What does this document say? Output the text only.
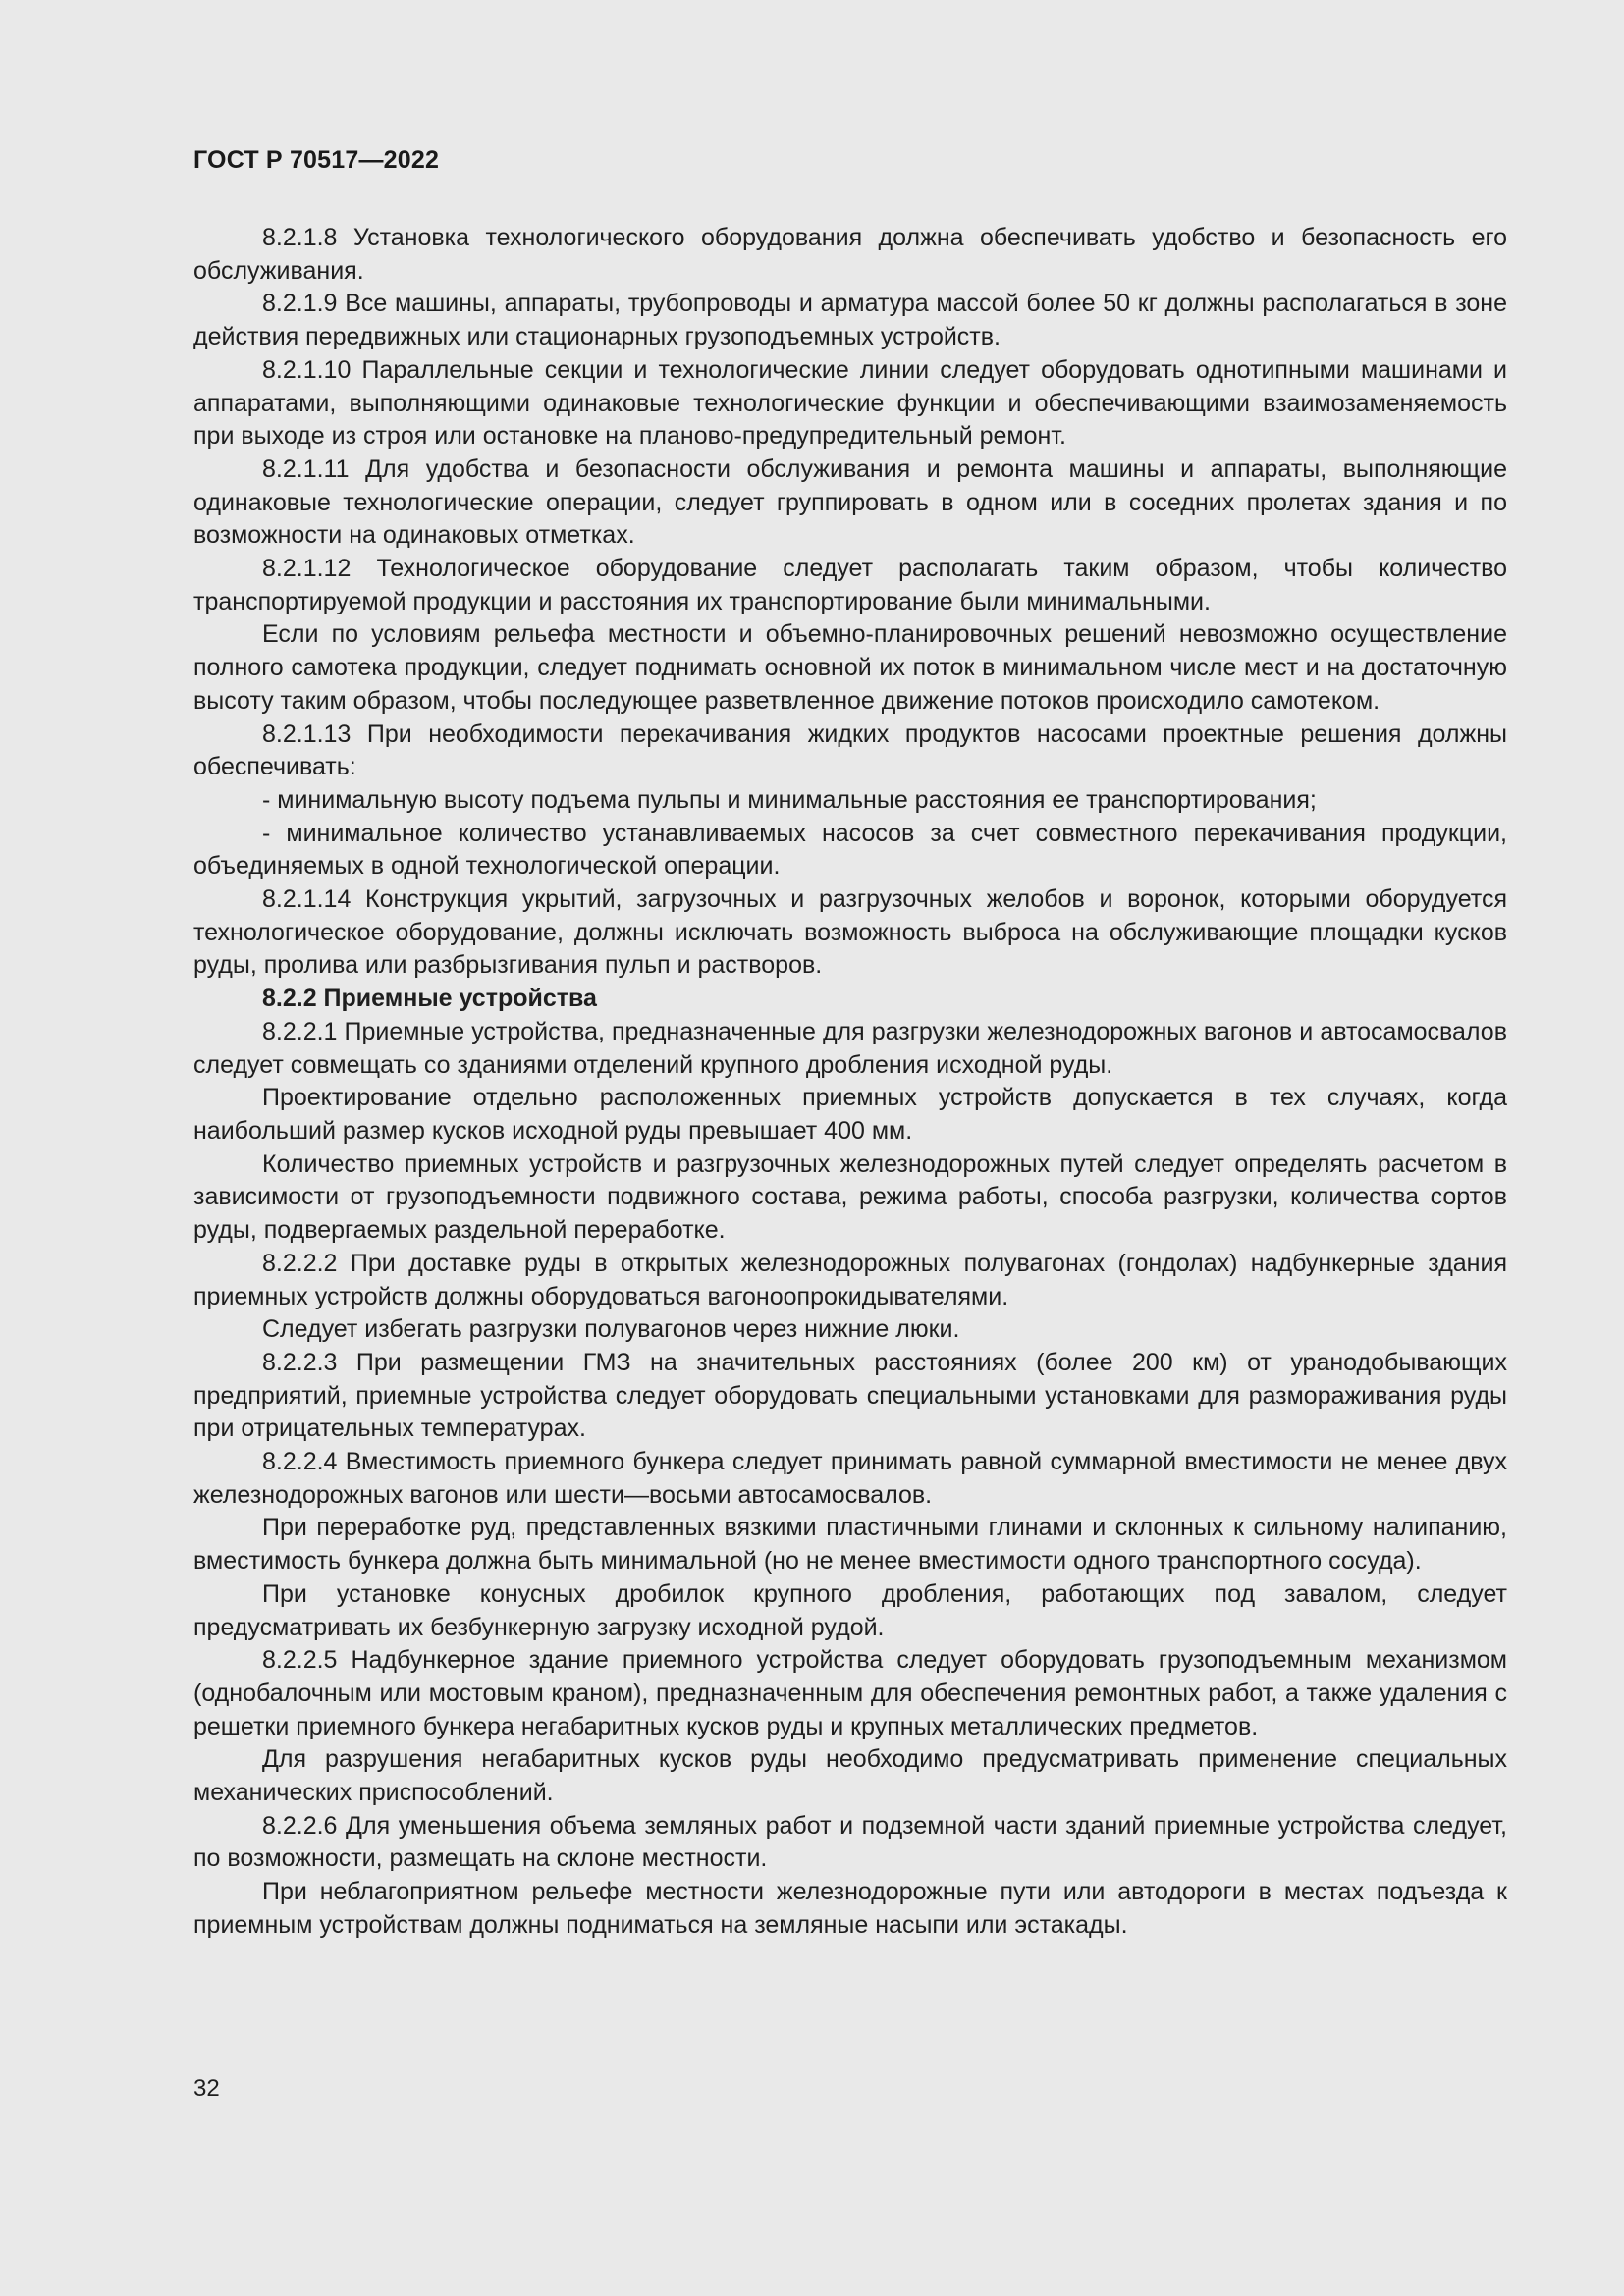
ГОСТ Р 70517—2022

8.2.1.8 Установка технологического оборудования должна обеспечивать удобство и безопасность его обслуживания.

8.2.1.9 Все машины, аппараты, трубопроводы и арматура массой более 50 кг должны располагаться в зоне действия передвижных или стационарных грузоподъемных устройств.

8.2.1.10 Параллельные секции и технологические линии следует оборудовать однотипными машинами и аппаратами, выполняющими одинаковые технологические функции и обеспечивающими взаимозаменяемость при выходе из строя или остановке на планово-предупредительный ремонт.

8.2.1.11 Для удобства и безопасности обслуживания и ремонта машины и аппараты, выполняющие одинаковые технологические операции, следует группировать в одном или в соседних пролетах здания и по возможности на одинаковых отметках.

8.2.1.12 Технологическое оборудование следует располагать таким образом, чтобы количество транспортируемой продукции и расстояния их транспортирование были минимальными.

Если по условиям рельефа местности и объемно-планировочных решений невозможно осуществление полного самотека продукции, следует поднимать основной их поток в минимальном числе мест и на достаточную высоту таким образом, чтобы последующее разветвленное движение потоков происходило самотеком.

8.2.1.13 При необходимости перекачивания жидких продуктов насосами проектные решения должны обеспечивать:

- минимальную высоту подъема пульпы и минимальные расстояния ее транспортирования;

- минимальное количество устанавливаемых насосов за счет совместного перекачивания продукции, объединяемых в одной технологической операции.

8.2.1.14 Конструкция укрытий, загрузочных и разгрузочных желобов и воронок, которыми оборудуется технологическое оборудование, должны исключать возможность выброса на обслуживающие площадки кусков руды, пролива или разбрызгивания пульп и растворов.

8.2.2 Приемные устройства

8.2.2.1 Приемные устройства, предназначенные для разгрузки железнодорожных вагонов и автосамосвалов следует совмещать со зданиями отделений крупного дробления исходной руды.

Проектирование отдельно расположенных приемных устройств допускается в тех случаях, когда наибольший размер кусков исходной руды превышает 400 мм.

Количество приемных устройств и разгрузочных железнодорожных путей следует определять расчетом в зависимости от грузоподъемности подвижного состава, режима работы, способа разгрузки, количества сортов руды, подвергаемых раздельной переработке.

8.2.2.2 При доставке руды в открытых железнодорожных полувагонах (гондолах) надбункерные здания приемных устройств должны оборудоваться вагоноопрокидывателями.

Следует избегать разгрузки полувагонов через нижние люки.

8.2.2.3 При размещении ГМЗ на значительных расстояниях (более 200 км) от уранодобывающих предприятий, приемные устройства следует оборудовать специальными установками для размораживания руды при отрицательных температурах.

8.2.2.4 Вместимость приемного бункера следует принимать равной суммарной вместимости не менее двух железнодорожных вагонов или шести—восьми автосамосвалов.

При переработке руд, представленных вязкими пластичными глинами и склонных к сильному налипанию, вместимость бункера должна быть минимальной (но не менее вместимости одного транспортного сосуда).

При установке конусных дробилок крупного дробления, работающих под завалом, следует предусматривать их безбункерную загрузку исходной рудой.

8.2.2.5 Надбункерное здание приемного устройства следует оборудовать грузоподъемным механизмом (однобалочным или мостовым краном), предназначенным для обеспечения ремонтных работ, а также удаления с решетки приемного бункера негабаритных кусков руды и крупных металлических предметов.

Для разрушения негабаритных кусков руды необходимо предусматривать применение специальных механических приспособлений.

8.2.2.6 Для уменьшения объема земляных работ и подземной части зданий приемные устройства следует, по возможности, размещать на склоне местности.

При неблагоприятном рельефе местности железнодорожные пути или автодороги в местах подъезда к приемным устройствам должны подниматься на земляные насыпи или эстакады.

32
